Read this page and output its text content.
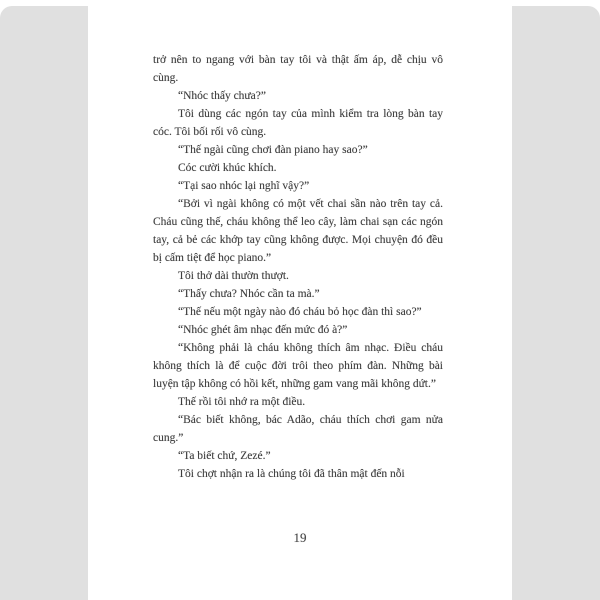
trở nên to ngang với bàn tay tôi và thật ấm áp, dễ chịu vô cùng.

“Nhóc thấy chưa?”

Tôi dùng các ngón tay của mình kiểm tra lòng bàn tay cóc. Tôi bối rối vô cùng.

“Thế ngài cũng chơi đàn piano hay sao?”

Cóc cười khúc khích.

“Tại sao nhóc lại nghĩ vậy?”

“Bởi vì ngài không có một vết chai sần nào trên tay cả. Cháu cũng thế, cháu không thể leo cây, làm chai sạn các ngón tay, cả bẻ các khớp tay cũng không được. Mọi chuyện đó đều bị cấm tiệt để học piano.”

Tôi thở dài thườn thượt.

“Thấy chưa? Nhóc cần ta mà.”

“Thế nếu một ngày nào đó cháu bỏ học đàn thì sao?”

“Nhóc ghét âm nhạc đến mức đó à?”

“Không phải là cháu không thích âm nhạc. Điều cháu không thích là để cuộc đời trôi theo phím đàn. Những bài luyện tập không có hồi kết, những gam vang mãi không dứt.”

Thế rồi tôi nhớ ra một điều.

“Bác biết không, bác Adão, cháu thích chơi gam nửa cung.”

“Ta biết chứ, Zezé.”

Tôi chợt nhận ra là chúng tôi đã thân mật đến nỗi

19
